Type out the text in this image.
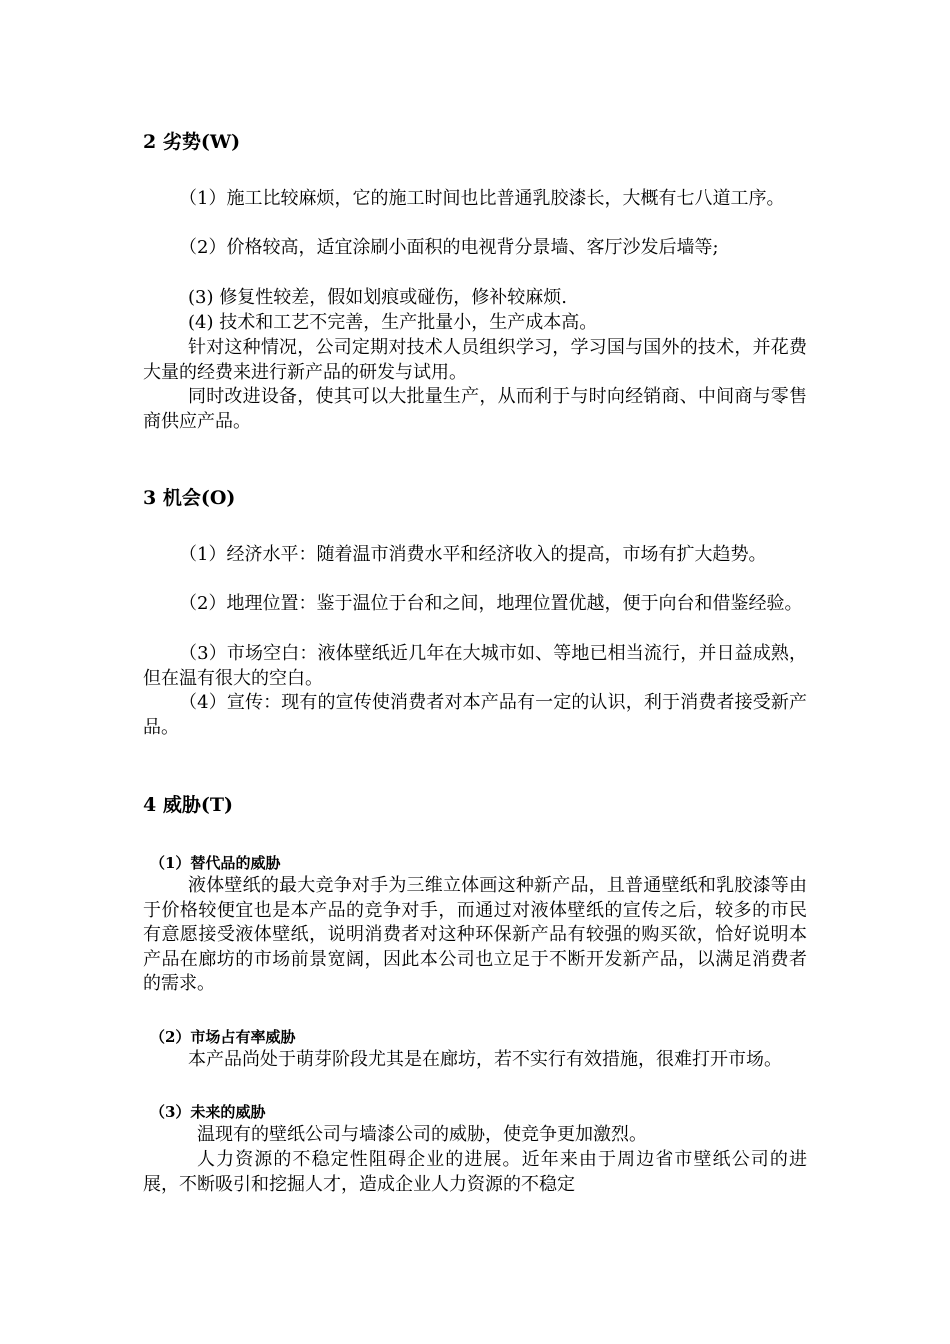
2 劣势(W)

（1）施工比较麻烦，它的施工时间也比普通乳胶漆长，大概有七八道工序。

（2）价格较高，适宜涂刷小面积的电视背分景墙、客厅沙发后墙等;

(3) 修复性较差，假如划痕或碰伤，修补较麻烦.

(4) 技术和工艺不完善，生产批量小，生产成本高。

针对这种情况，公司定期对技术人员组织学习，学习国与国外的技术，并花费大量的经费来进行新产品的研发与试用。

同时改进设备，使其可以大批量生产，从而利于与时向经销商、中间商与零售商供应产品。

3 机会(O)

（1）经济水平：随着温市消费水平和经济收入的提高，市场有扩大趋势。

（2）地理位置：鉴于温位于台和之间，地理位置优越，便于向台和借鉴经验。

（3）市场空白：液体壁纸近几年在大城市如、等地已相当流行，并日益成熟，但在温有很大的空白。

（4）宣传：现有的宣传使消费者对本产品有一定的认识，利于消费者接受新产品。

4 威胁(T)

（1）替代品的威胁

液体壁纸的最大竞争对手为三维立体画这种新产品，且普通壁纸和乳胶漆等由于价格较便宜也是本产品的竞争对手，而通过对液体壁纸的宣传之后，较多的市民有意愿接受液体壁纸，说明消费者对这种环保新产品有较强的购买欲，恰好说明本产品在廊坊的市场前景宽阔，因此本公司也立足于不断开发新产品，以满足消费者的需求。

（2）市场占有率威胁

本产品尚处于萌芽阶段尤其是在廊坊，若不实行有效措施，很难打开市场。

（3）未来的威胁

温现有的壁纸公司与墙漆公司的威胁，使竞争更加激烈。

人力资源的不稳定性阻碍企业的进展。近年来由于周边省市壁纸公司的进展，不断吸引和挖掘人才，造成企业人力资源的不稳定
